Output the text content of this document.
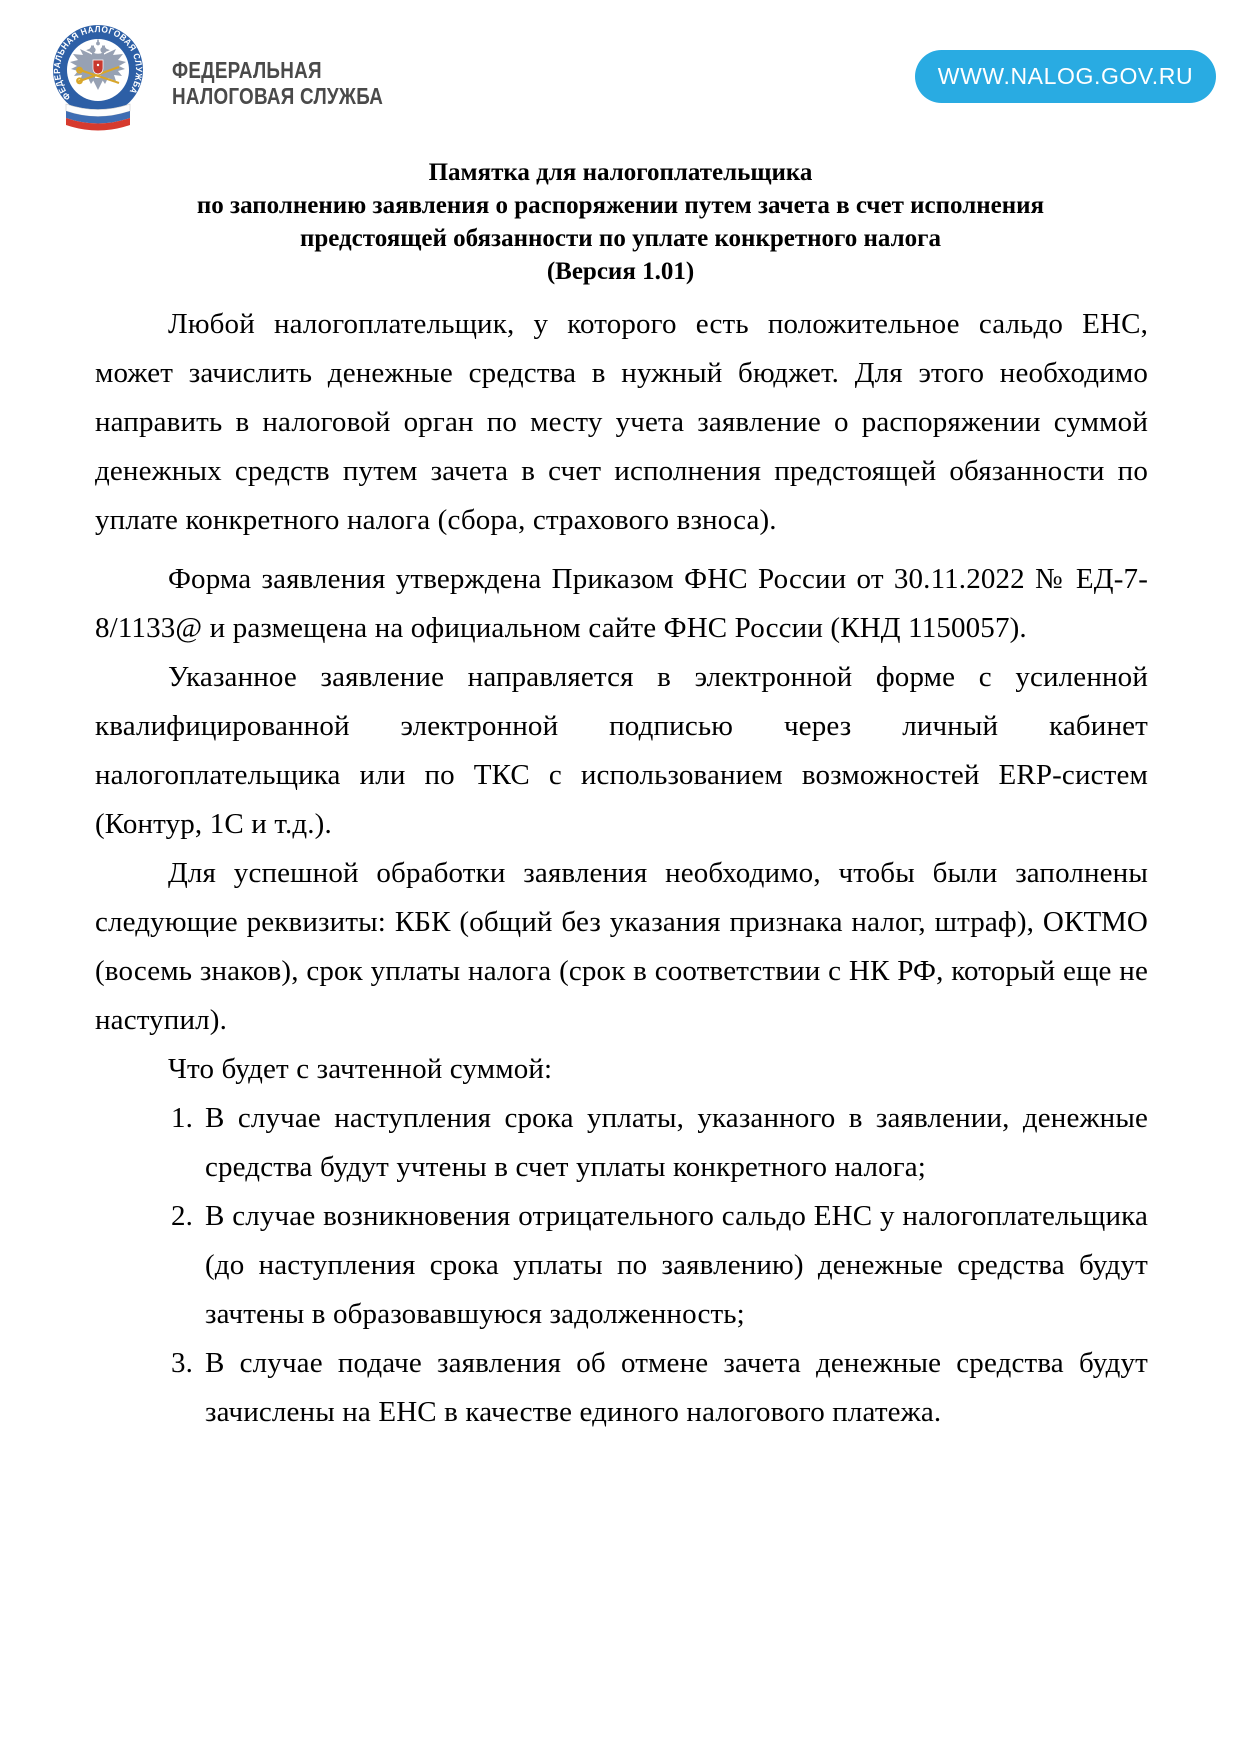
ФЕДЕРАЛЬНАЯ НАЛОГОВАЯ СЛУЖБА
ФЕДЕРАЛЬНАЯ
НАЛОГОВАЯ СЛУЖБА
WWW.NALOG.GOV.RU
Памятка для налогоплательщика
по заполнению заявления о распоряжении путем зачета в счет исполнения
предстоящей обязанности по уплате конкретного налога
(Версия 1.01)

Любой налогоплательщик, у которого есть положительное сальдо ЕНС, может зачислить денежные средства в нужный бюджет. Для этого необходимо направить в налоговой орган по месту учета заявление о распоряжении суммой денежных средств путем зачета в счет исполнения предстоящей обязанности по уплате конкретного налога (сбора, страхового взноса).

Форма заявления утверждена Приказом ФНС России от 30.11.2022 № ЕД-7-8/1133@ и размещена на официальном сайте ФНС России (КНД 1150057).

Указанное заявление направляется в электронной форме с усиленной квалифицированной электронной подписью через личный кабинет налогоплательщика или по ТКС с использованием возможностей ERP-систем (Контур, 1С и т.д.).

Для успешной обработки заявления необходимо, чтобы были заполнены следующие реквизиты: КБК (общий без указания признака налог, штраф), ОКТМО (восемь знаков), срок уплаты налога (срок в соответствии с НК РФ, который еще не наступил).

Что будет с зачтенной суммой:

1. В случае наступления срока уплаты, указанного в заявлении, денежные средства будут учтены в счет уплаты конкретного налога;
2. В случае возникновения отрицательного сальдо ЕНС у налогоплательщика (до наступления срока уплаты по заявлению) денежные средства будут зачтены в образовавшуюся задолженность;
3. В случае подаче заявления об отмене зачета денежные средства будут зачислены на ЕНС в качестве единого налогового платежа.
